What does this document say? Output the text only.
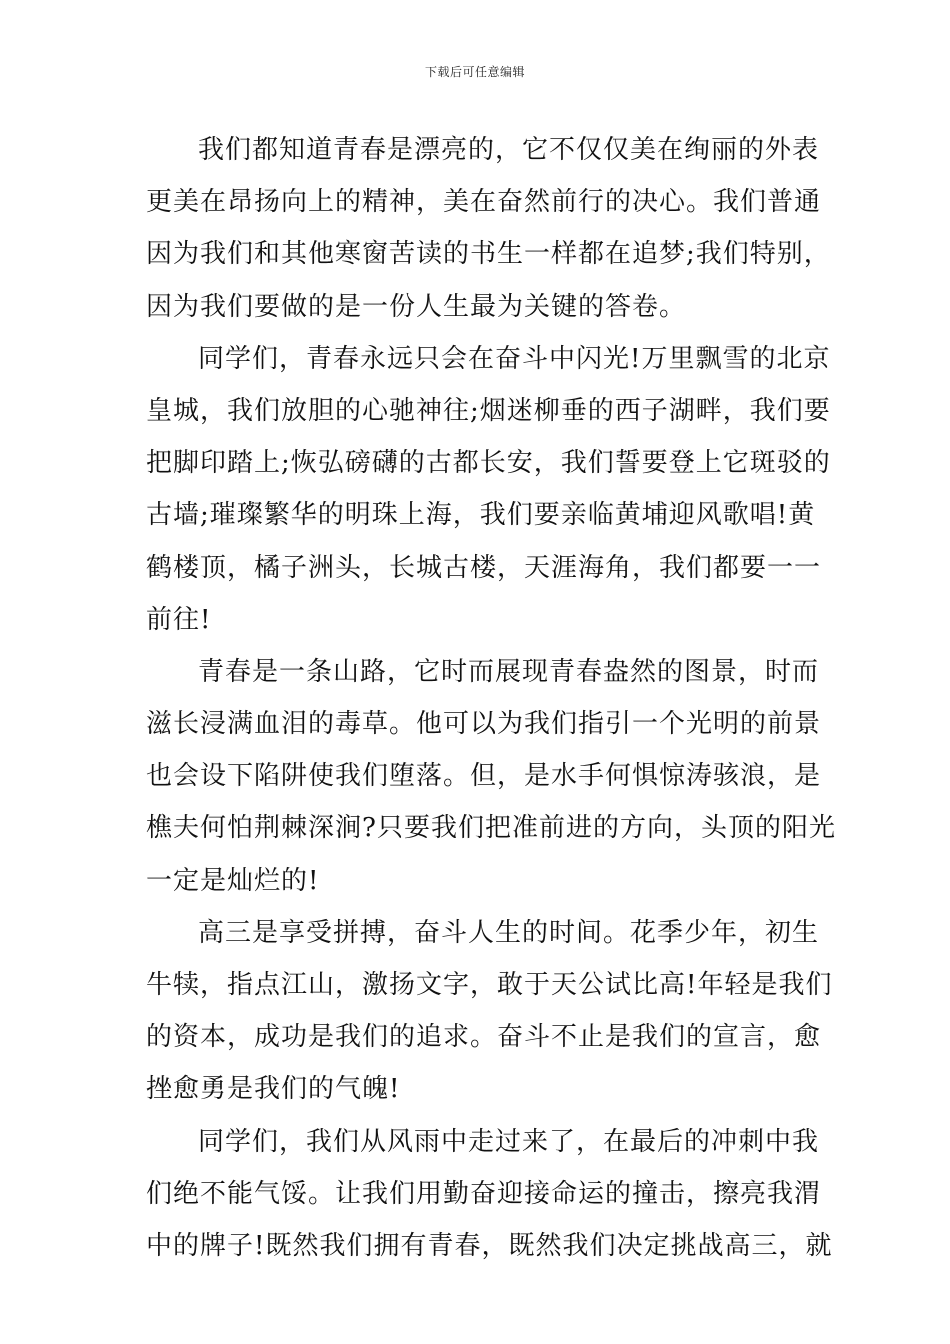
下载后可任意编辑
我们都知道青春是漂亮的，它不仅仅美在绚丽的外表
更美在昂扬向上的精神，美在奋然前行的决心。我们普通
因为我们和其他寒窗苦读的书生一样都在追梦;我们特别，
因为我们要做的是一份人生最为关键的答卷。
同学们，青春永远只会在奋斗中闪光!万里飘雪的北京
皇城，我们放胆的心驰神往;烟迷柳垂的西子湖畔，我们要
把脚印踏上;恢弘磅礴的古都长安，我们誓要登上它斑驳的
古墙;璀璨繁华的明珠上海，我们要亲临黄埔迎风歌唱!黄
鹤楼顶，橘子洲头，长城古楼，天涯海角，我们都要一一
前往!
青春是一条山路，它时而展现青春盎然的图景，时而
滋长浸满血泪的毒草。他可以为我们指引一个光明的前景
也会设下陷阱使我们堕落。但，是水手何惧惊涛骇浪，是
樵夫何怕荆棘深涧?只要我们把准前进的方向，头顶的阳光
一定是灿烂的!
高三是享受拼搏，奋斗人生的时间。花季少年，初生
牛犊，指点江山，激扬文字，敢于天公试比高!年轻是我们
的资本，成功是我们的追求。奋斗不止是我们的宣言，愈
挫愈勇是我们的气魄!
同学们，我们从风雨中走过来了，在最后的冲刺中我
们绝不能气馁。让我们用勤奋迎接命运的撞击，擦亮我渭
中的牌子!既然我们拥有青春，既然我们决定挑战高三，就
